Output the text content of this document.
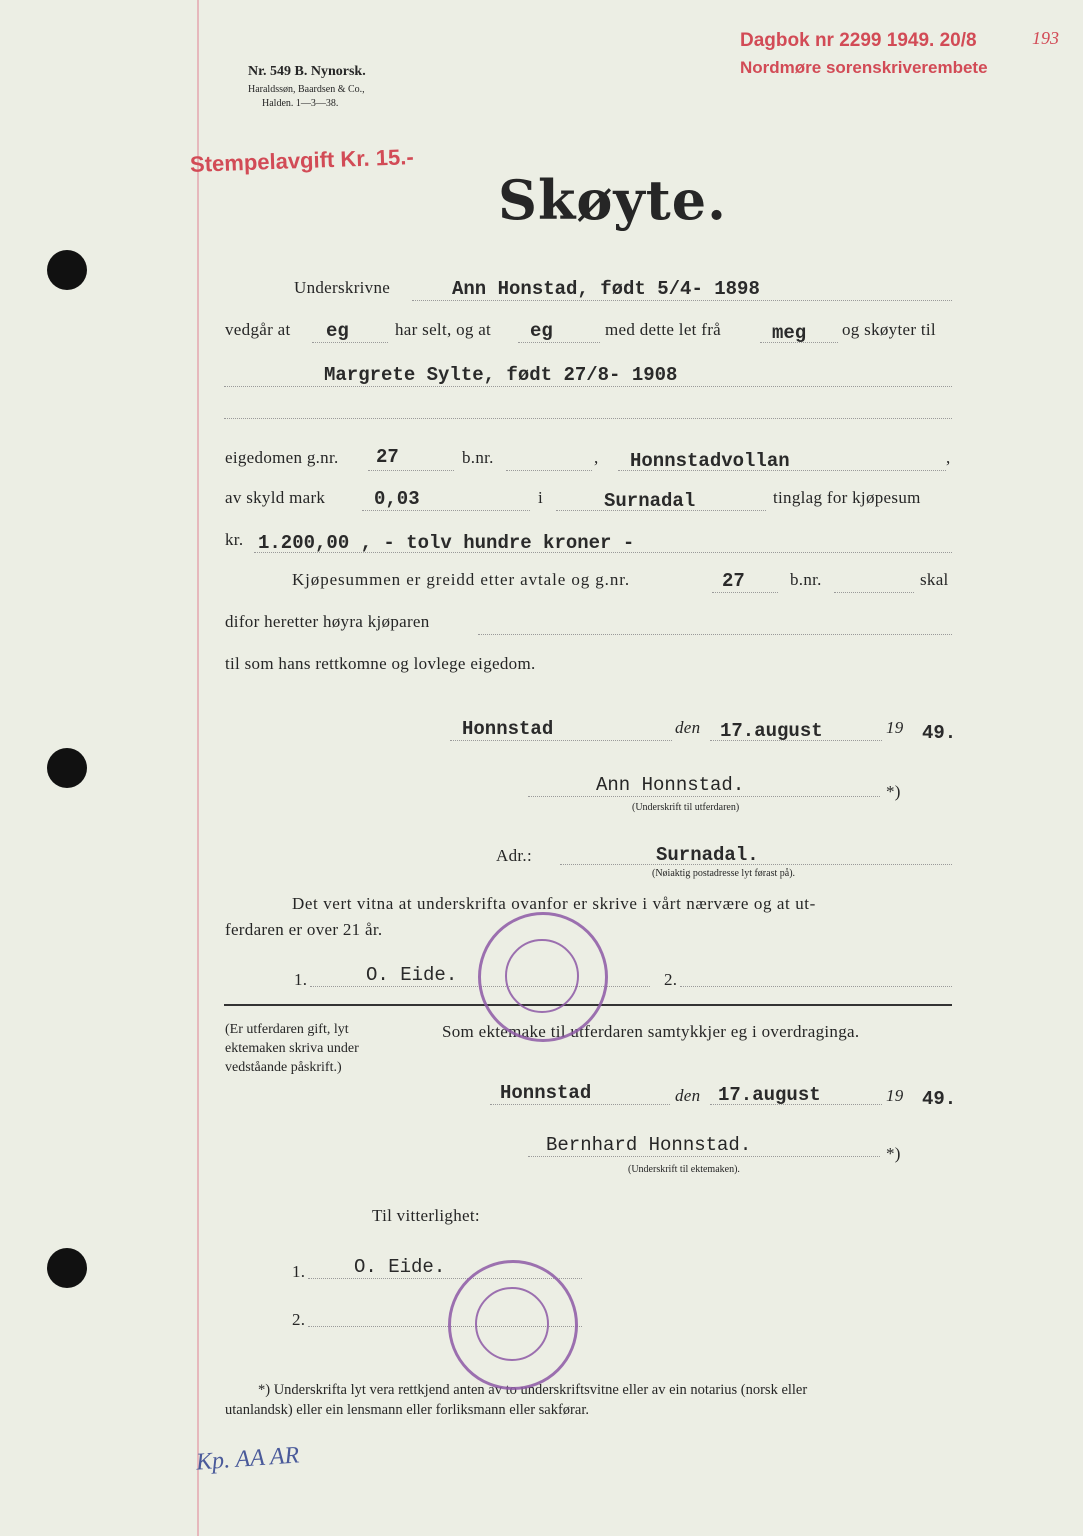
Nr. 549 B. Nynorsk.
Haraldssøn, Baardsen & Co.,
Halden. 1—3—38.
Stempelavgift Kr. 15.-
Dagbok nr 2299 1949. 20/8
Nordmøre sorenskriverembete
193
Skøyte.
Underskrivne	Ann Honstad, født 5/4- 1898
vedgår at eg	har selt, og at eg	med dette let frå	meg og skøyter til
Margrete Sylte, født 27/8- 1908
eigedomen g.nr. 27	b.nr.	, Honnstadvollan	,
av skyld mark	0,03	i	Surnadal	tinglag for kjøpesum
kr. 1.200,00 , - tolv hundre kroner -
Kjøpesummen er greidd etter avtale og g.nr.	27	b.nr.	skal
difor heretter høyra kjøparen
til som hans rettkomne og lovlege eigedom.
Honnstad	den 17.august	19 49.
Ann Honnstad.	*)
(Underskrift til utferdaren)
Adr.:	Surnadal.
(Nøiaktig postadresse lyt førast på).
Det vert vitna at underskrifta ovanfor er skrive i vårt nærvære og at ut-
ferdaren er over 21 år.
1.	O. Eide.	2.
(Er utferdaren gift, lyt
ektemaken skriva under
vedståande påskrift.)
Som ektemake til utferdaren samtykkjer eg i overdraginga.
Honnstad	den 17.august	19 49.
Bernhard Honnstad.	*)
(Underskrift til ektemaken).
Til vitterlighet:
1.	O. Eide.
2.
*) Underskrifta lyt vera rettkjend anten av to underskriftsvitne eller av ein notarius (norsk eller
utanlandsk) eller ein lensmann eller forliksmann eller sakførar.
Kp. AA AR
